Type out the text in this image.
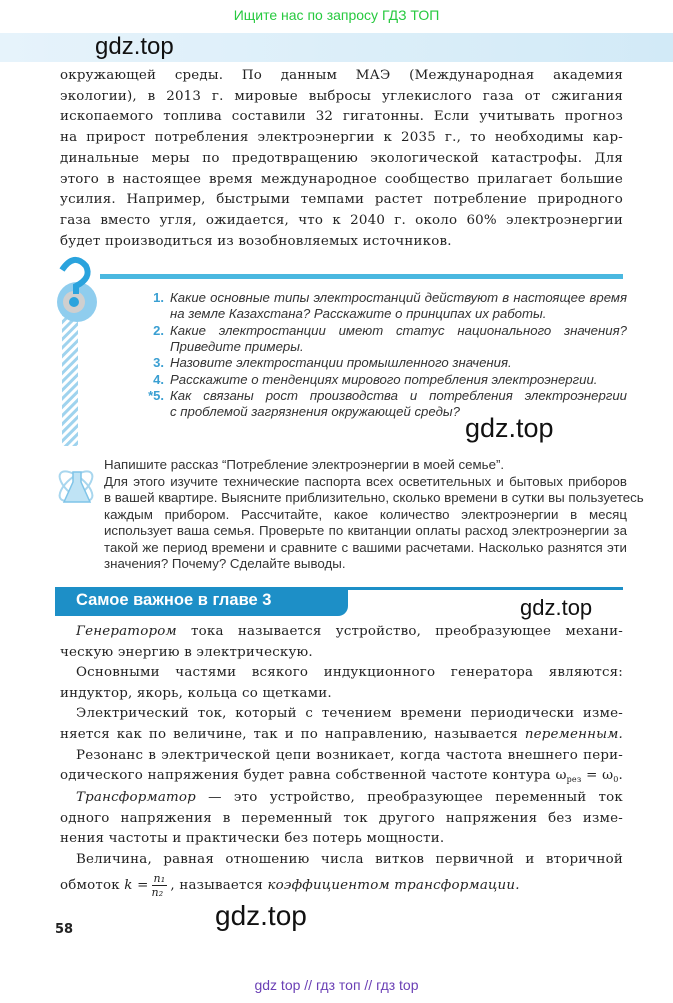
Ищите нас по запросу ГДЗ ТОП
gdz.top
окружающей среды. По данным МАЭ (Международная академия
экологии), в 2013 г. мировые выбросы углекислого газа от сжигания
ископаемого топлива составили 32 гигатонны. Если учитывать прогноз
на прирост потребления электроэнергии к 2035 г., то необходимы кар-
динальные меры по предотвращению экологической катастрофы. Для
этого в настоящее время международное сообщество прилагает большие
усилия. Например, быстрыми темпами растет потребление природного
газа вместо угля, ожидается, что к 2040 г. около 60% электроэнергии
будет производиться из возобновляемых источников.
1. Какие основные типы электростанций действуют в настоящее время
на земле Казахстана? Расскажите о принципах их работы.
2. Какие электростанции имеют статус национального значения?
Приведите примеры.
3. Назовите электростанции промышленного значения.
4. Расскажите о тенденциях мирового потребления электроэнергии.
*5. Как связаны рост производства и потребления электроэнергии
с проблемой загрязнения окружающей среды?
gdz.top
Напишите рассказ “Потребление электроэнергии в моей семье”.
Для этого изучите технические паспорта всех осветительных и бытовых приборов
в вашей квартире. Выясните приблизительно, сколько времени в сутки вы пользуетесь
каждым прибором. Рассчитайте, какое количество электроэнергии в месяц
использует ваша семья. Проверьте по квитанции оплаты расход электроэнергии за
такой же период времени и сравните с вашими расчетами. Насколько разнятся эти
значения? Почему? Сделайте выводы.
Самое важное в главе 3	gdz.top
Генератором тока называется устройство, преобразующее механи-
ческую энергию в электрическую.
Основными частями всякого индукционного генератора являются:
индуктор, якорь, кольца со щетками.
Электрический ток, который с течением времени периодически изме-
няется как по величине, так и по направлению, называется переменным.
Резонанс в электрической цепи возникает, когда частота внешнего пери-
одического напряжения будет равна собственной частоте контура $\omega_{рез} = \omega_0$.
Трансформатор — это устройство, преобразующее переменный ток
одного напряжения в переменный ток другого напряжения без изме-
нения частоты и практически без потерь мощности.
Величина, равная отношению числа витков первичной и вторичной
обмоток $k = \frac{\text{n₁}}{\text{n₂}}$ , называется коэффициентом трансформации.
58	gdz.top
gdz top // гдз топ // гдз top
